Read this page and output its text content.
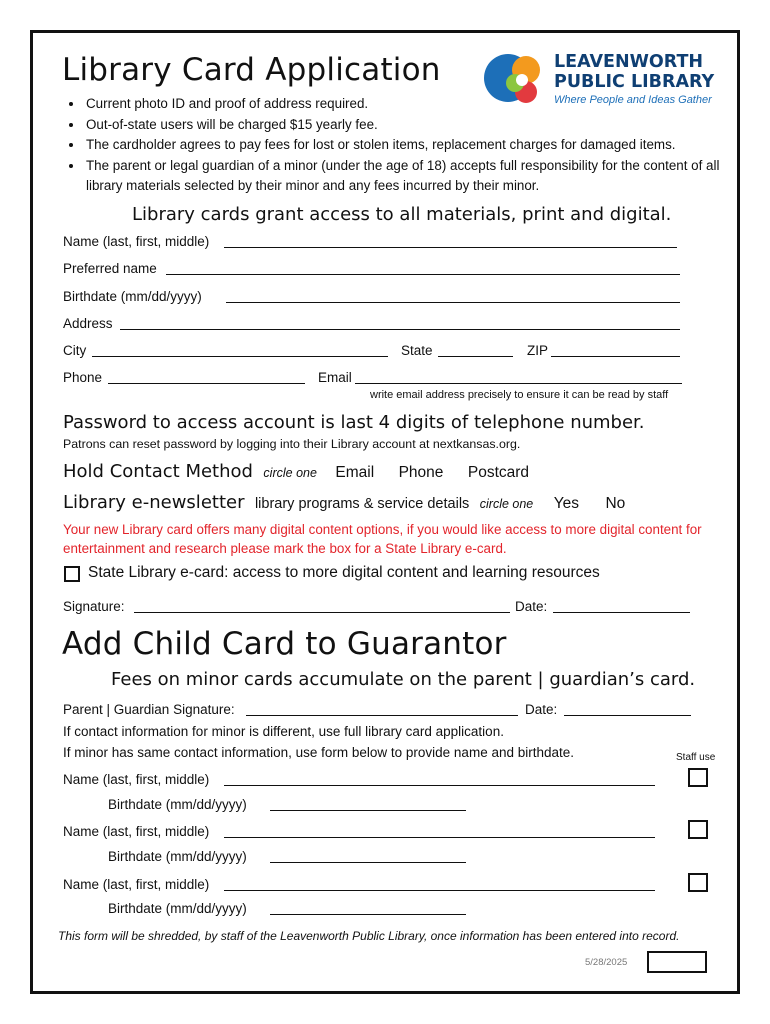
Library Card Application	LEAVENWORTH
PUBLIC LIBRARY
Where People and Ideas Gather
• Current photo ID and proof of address required.
• Out-of-state users will be charged $15 yearly fee.
• The cardholder agrees to pay fees for lost or stolen items, replacement charges for damaged items.
• The parent or legal guardian of a minor (under the age of 18) accepts full responsibility for the content of all library materials selected by their minor and any fees incurred by their minor.
Library cards grant access to all materials, print and digital.
Name (last, first, middle)
Preferred name
Birthdate (mm/dd/yyyy)
Address
City	State	ZIP
Phone	Email
write email address precisely to ensure it can be read by staff
Password to access account is last 4 digits of telephone number.
Patrons can reset password by logging into their Library account at nextkansas.org.
Hold Contact Method circle one Email Phone Postcard
Library e-newsletter library programs & service details circle one Yes No
Your new Library card offers many digital content options, if you would like access to more digital content for entertainment and research please mark the box for a State Library e-card.
State Library e-card: access to more digital content and learning resources
Signature:	Date:
Add Child Card to Guarantor
Fees on minor cards accumulate on the parent | guardian’s card.
Parent | Guardian Signature:	Date:
If contact information for minor is different, use full library card application.
If minor has same contact information, use form below to provide name and birthdate.	Staff use
Name (last, first, middle)
Birthdate (mm/dd/yyyy)
Name (last, first, middle)
Birthdate (mm/dd/yyyy)
Name (last, first, middle)
Birthdate (mm/dd/yyyy)
This form will be shredded, by staff of the Leavenworth Public Library, once information has been entered into record.
5/28/2025
